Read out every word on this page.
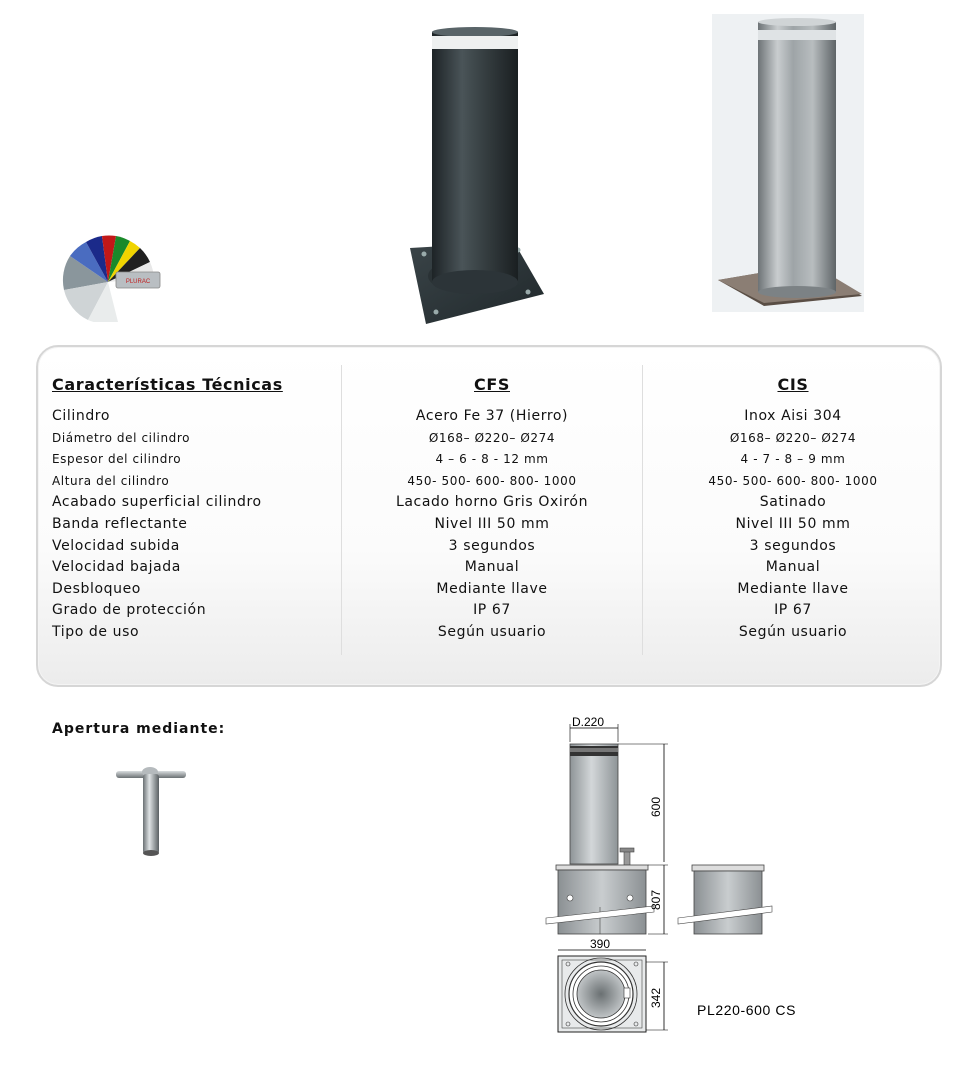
PLURAC
Características Técnicas
Cilindro
Diámetro del cilindro
Espesor del cilindro
Altura del cilindro
Acabado superficial cilindro
Banda reflectante
Velocidad subida
Velocidad bajada
Desbloqueo
Grado de protección
Tipo de uso
CFS
Acero Fe 37 (Hierro)
Ø168– Ø220– Ø274
4 – 6 - 8 - 12 mm
450- 500- 600- 800- 1000
Lacado horno Gris Oxirón
Nivel III 50 mm
3 segundos
Manual
Mediante llave
IP 67
Según usuario
CIS
Inox Aisi 304
Ø168– Ø220– Ø274
4 - 7 - 8 – 9 mm
450- 500- 600- 800- 1000
Satinado
Nivel III 50 mm
3 segundos
Manual
Mediante llave
IP 67
Según usuario
Apertura mediante:	D.220
600
807
390
342
PL220-600 CS
